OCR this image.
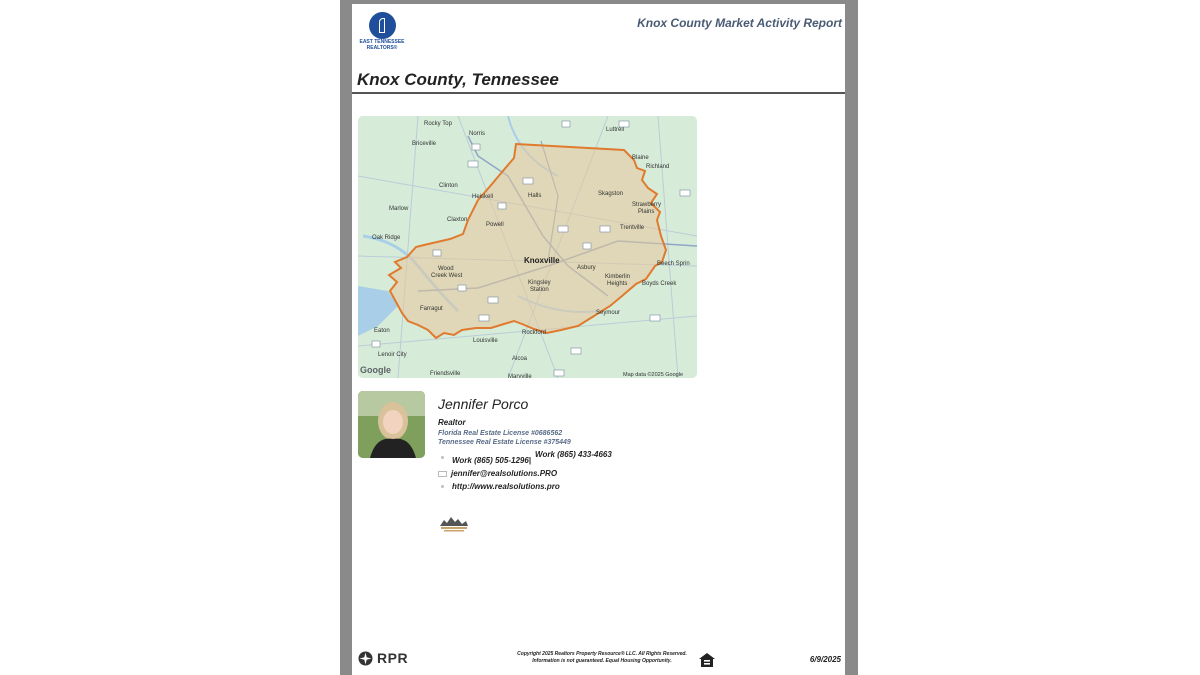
EAST TENNESSEE
REALTORS®
Knox County Market Activity Report
Knox County, Tennessee
Rocky Top
Norris
Luttrell
Briceville
Blaine
Richland
Clinton
Skagston
Heiskell	Halls
Marlow
Claxton
Powell
Strawberry
Plains
Oak Ridge
Trentville
Wood
Creek West
Knoxville
Asbury
Beech Sprin
Kingsley
Station
Kimberlin
Heights Boyds Creek
Farragut
Seymour
Eaton	Rockford
Louisville
Lenoir City
Alcoa
Friendsville	Maryville
Google	Map data ©2025 Google
Jennifer Porco
Realtor
Florida Real Estate License #0686562
Tennessee Real Estate License #375449
Work (865) 505-1296|
Work (865) 433-4663
jennifer@realsolutions.PRO
http://www.realsolutions.pro
RPR	Copyright 2025 Realtors Property Resource® LLC. All Rights Reserved.
Information is not guaranteed. Equal Housing Opportunity.	6/9/2025
